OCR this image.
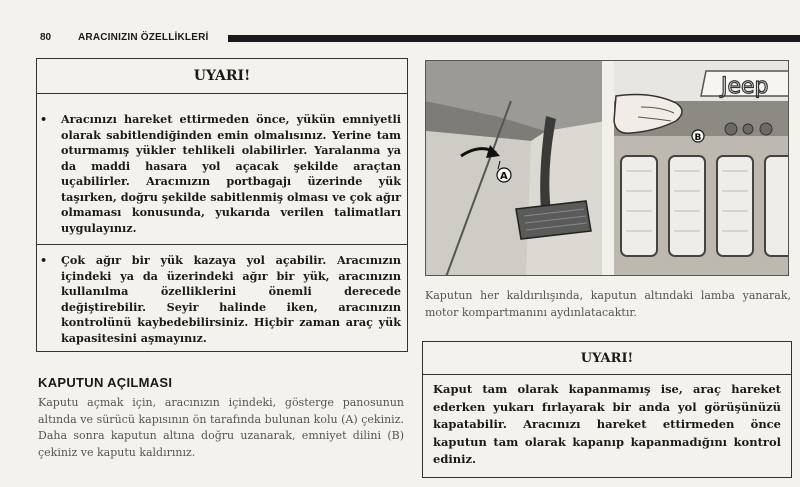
80	ARACINIZIN ÖZELLİKLERİ
UYARI!
• Aracınızı hareket ettirmeden önce, yükün emniyetli olarak sabitlendiğinden emin olmalısınız. Yerine tam oturmamış yükler tehlikeli olabilirler. Yaralanma ya da maddi hasara yol açacak şekilde araçtan uçabilirler. Aracınızın portbagajı üzerinde yük taşırken, doğru şekilde sabitlenmiş olması ve çok ağır olmaması konusunda, yukarıda verilen talimatları uygulayınız.
• Çok ağır bir yük kazaya yol açabilir. Aracınızın içindeki ya da üzerindeki ağır bir yük, aracınızın kullanılma özelliklerini önemli derecede değiştirebilir. Seyir halinde iken, aracınızın kontrolünü kaybedebilirsiniz. Hiçbir zaman araç yük kapasitesini aşmayınız.
KAPUTUN AÇILMASI
Kaputu açmak için, aracınızın içindeki, gösterge panosunun altında ve sürücü kapısının ön tarafında bulunan kolu (A) çekiniz. Daha sonra kaputun altına doğru uzanarak, emniyet dilini (B) çekiniz ve kaputu kaldırınız.
Jeep
B
A
Kaputun her kaldırılışında, kaputun altındaki lamba yanarak, motor kompartmanını aydınlatacaktır.
UYARI!
Kaput tam olarak kapanmamış ise, araç hareket ederken yukarı fırlayarak bir anda yol görüşünüzü kapatabilir. Aracınızı hareket ettirmeden önce kaputun tam olarak kapanıp kapanmadığını kontrol ediniz.
